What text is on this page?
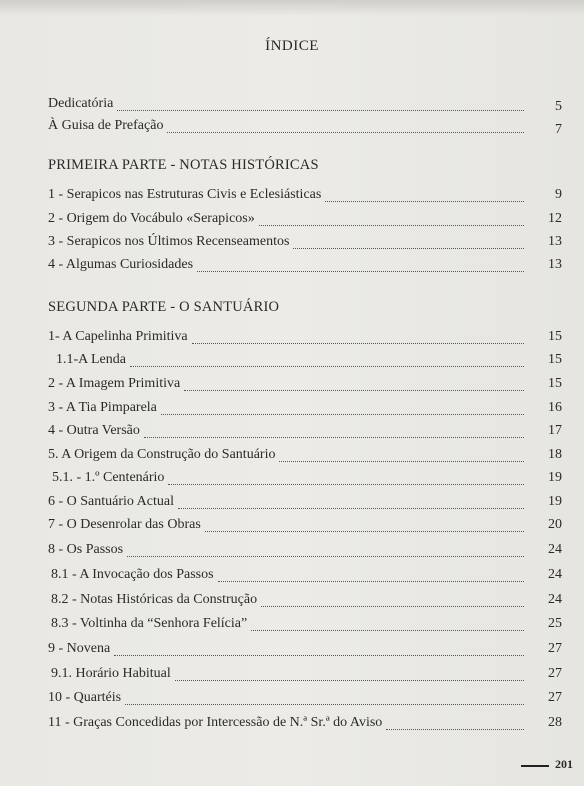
ÍNDICE
Dedicatória	5
À Guisa de Prefação	7
PRIMEIRA PARTE - NOTAS HISTÓRICAS
1 - Serapicos nas Estruturas Civis e Eclesiásticas	9
2 - Origem do Vocábulo «Serapicos»	12
3 - Serapicos nos Últimos Recenseamentos	13
4 - Algumas Curiosidades	13
SEGUNDA PARTE - O SANTUÁRIO
1- A Capelinha Primitiva	15
1.1-A Lenda	15
2 - A Imagem Primitiva	15
3 - A Tia Pimparela	16
4 - Outra Versão	17
5. A Origem da Construção do Santuário	18
5.1. - 1.º Centenário	19
6 - O Santuário Actual	19
7 - O Desenrolar das Obras	20
8 - Os Passos	24
8.1 - A Invocação dos Passos	24
8.2 - Notas Históricas da Construção	24
8.3 - Voltinha da “Senhora Felícia”	25
9 - Novena	27
9.1. Horário Habitual	27
10 - Quartéis	27
11 - Graças Concedidas por Intercessão de N.ª Sr.ª do Aviso	28
201
